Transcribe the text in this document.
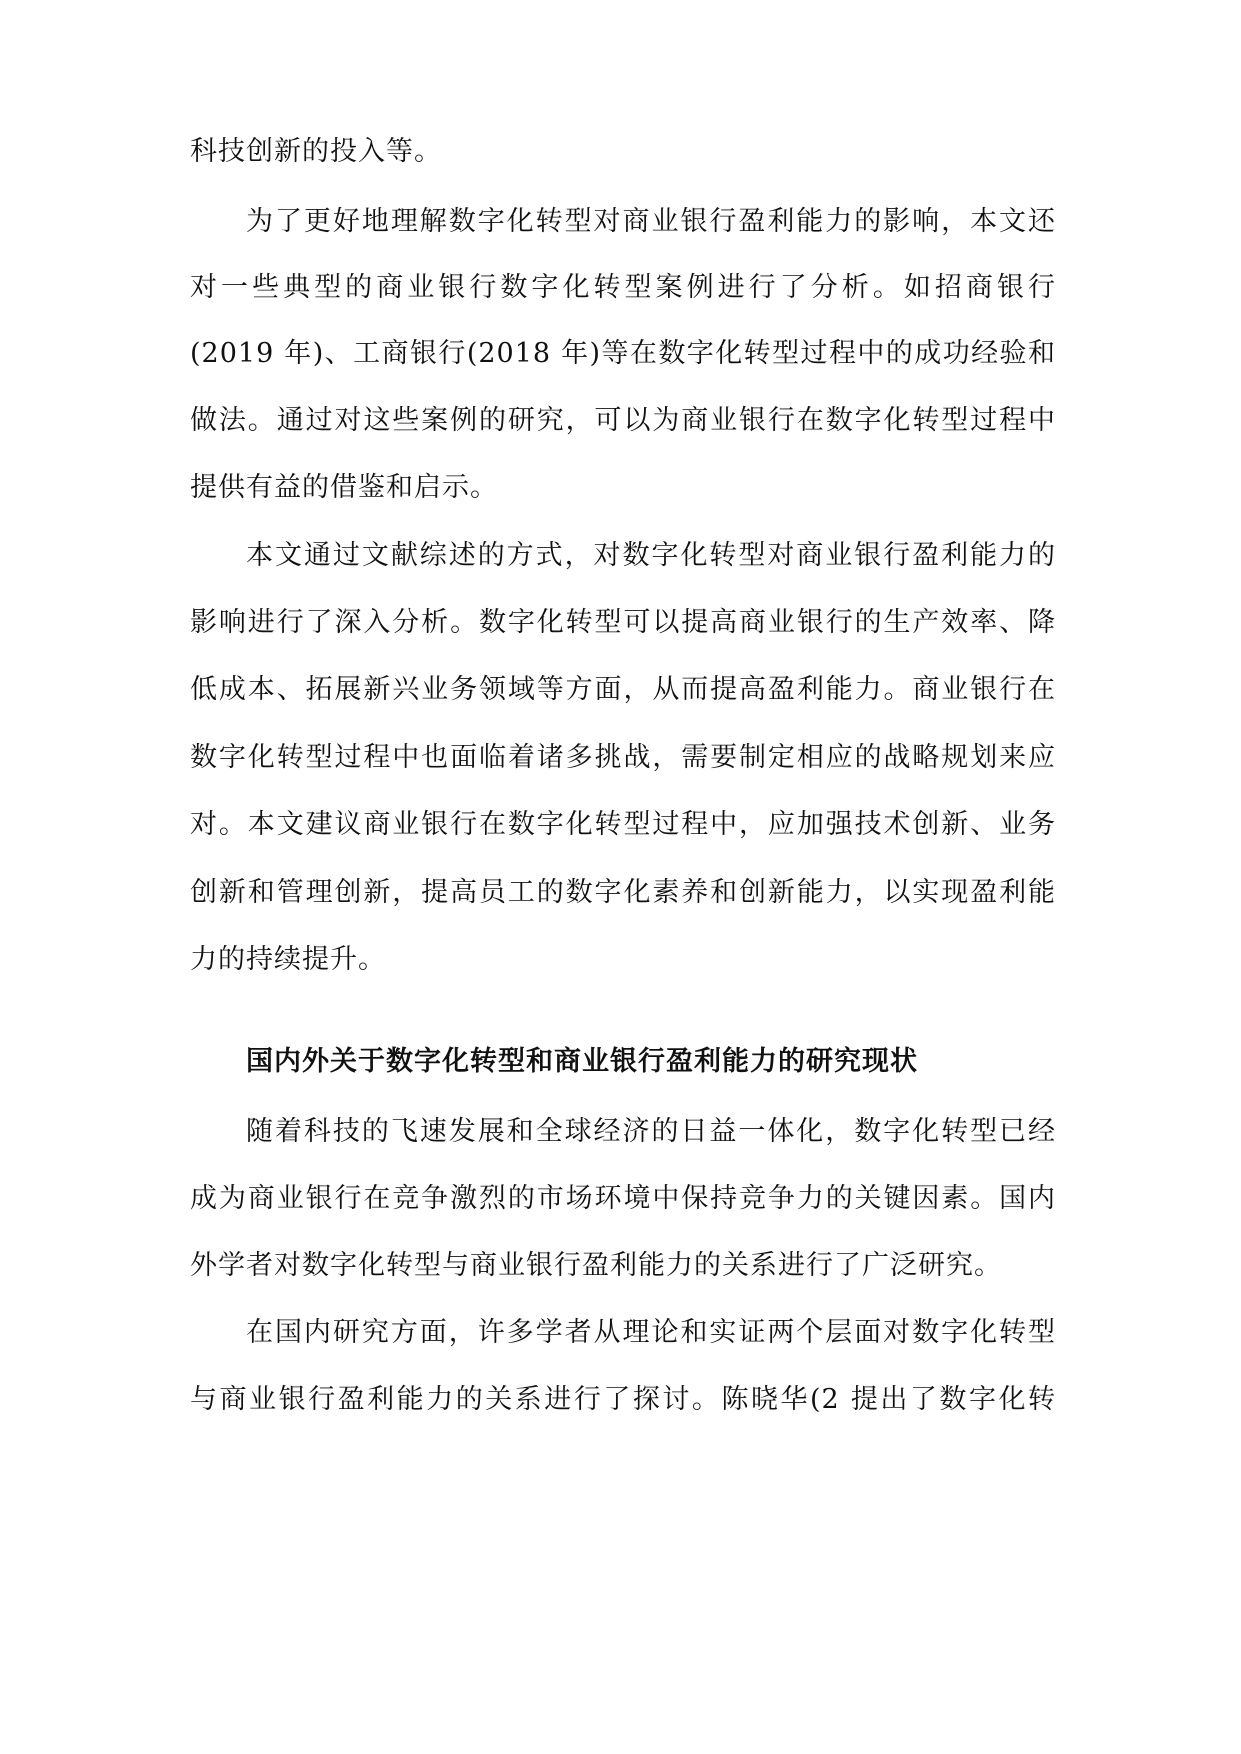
科技创新的投入等。
为了更好地理解数字化转型对商业银行盈利能力的影响，本文还
对一些典型的商业银行数字化转型案例进行了分析。如招商银行
(2019 年)、工商银行(2018 年)等在数字化转型过程中的成功经验和
做法。通过对这些案例的研究，可以为商业银行在数字化转型过程中
提供有益的借鉴和启示。
本文通过文献综述的方式，对数字化转型对商业银行盈利能力的
影响进行了深入分析。数字化转型可以提高商业银行的生产效率、降
低成本、拓展新兴业务领域等方面，从而提高盈利能力。商业银行在
数字化转型过程中也面临着诸多挑战，需要制定相应的战略规划来应
对。本文建议商业银行在数字化转型过程中，应加强技术创新、业务
创新和管理创新，提高员工的数字化素养和创新能力，以实现盈利能
力的持续提升。
国内外关于数字化转型和商业银行盈利能力的研究现状
随着科技的飞速发展和全球经济的日益一体化，数字化转型已经
成为商业银行在竞争激烈的市场环境中保持竞争力的关键因素。国内
外学者对数字化转型与商业银行盈利能力的关系进行了广泛研究。
在国内研究方面，许多学者从理论和实证两个层面对数字化转型
与商业银行盈利能力的关系进行了探讨。陈晓华(2 提出了数字化转
